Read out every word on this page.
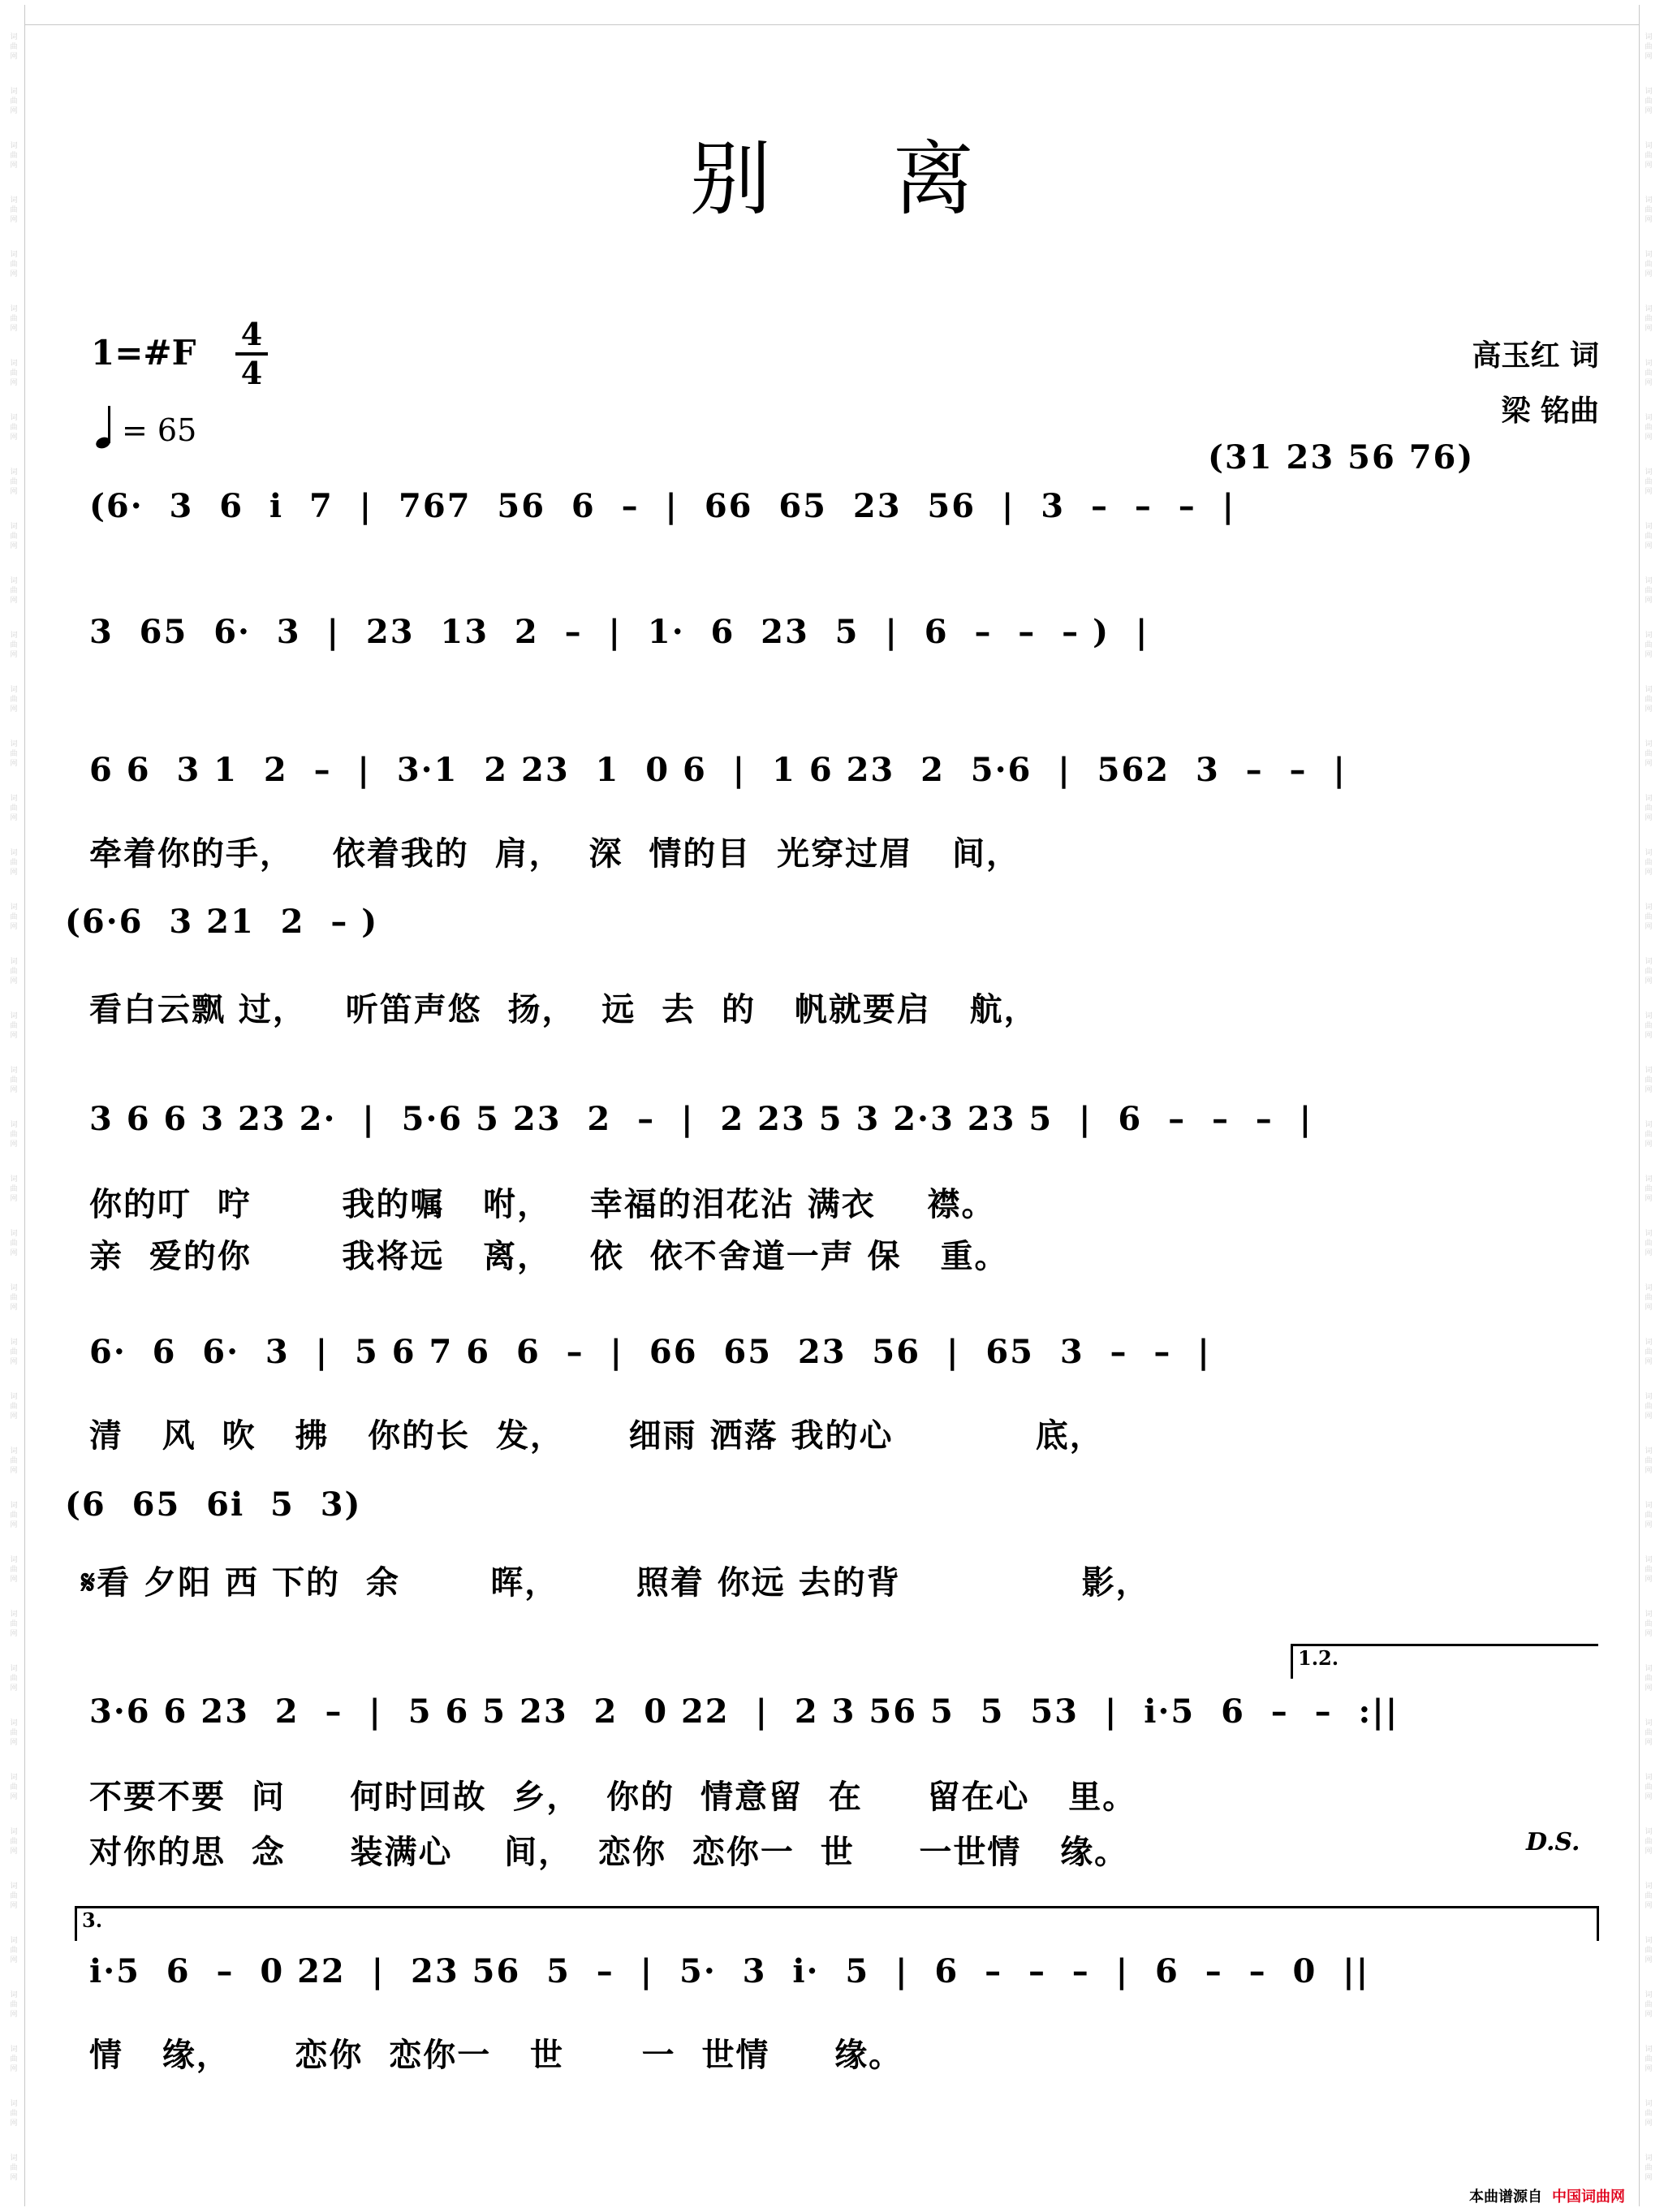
别离
1=#F 4
4
= 65
高玉红 词
梁 铭曲
(31 23 56 76)
(6·  3  6  i  7  |  767  56  6  –  |  66  65  23  56  |  3  –  –  –  |
3  65  6·  3  |  23  13  2  –  |  1·  6  23  5  |  6  –  –  – )  |
6 6  3 1  2  –  |  3·1  2 23  1  0 6  |  1 6 23  2  5·6  |  562  3  –  –  |
牵着你的手，   依着我的  肩，  深  情的目  光穿过眉   间，
(6·6  3 21  2  – )
看白云飘 过，   听笛声悠  扬，  远  去  的   帆就要启   航，
3 6 6 3 23 2·  |  5·6 5 23  2  –  |  2 23 5 3 2·3 23 5  |  6  –  –  –  |
你的叮  咛       我的嘱   咐，   幸福的泪花沾 满衣    襟。
亲  爱的你       我将远   离，   依  依不舍道一声 保   重。
6·  6  6·  3  |  5 6 7 6  6  –  |  66  65  23  56  |  65  3  –  –  |
清   风  吹   拂   你的长  发，     细雨 洒落 我的心           底，
(6  65  6i  5  3)
𝄋看 夕阳 西 下的  余       晖，      照着 你远 去的背              影，
1.2.
3·6 6 23  2  –  |  5 6 5 23  2  0 22  |  2 3 56 5  5  53  |  i·5  6  –  –  :||
不要不要  问     何时回故  乡，  你的  情意留  在     留在心   里。
对你的思  念     装满心    间，  恋你  恋你一  世     一世情   缘。	D.S.
3.
i·5  6  –  0 22  |  23 56  5  –  |  5·  3  i·  5  |  6  –  –  –  |  6  –  –  0  ||
情   缘，     恋你  恋你一   世      一  世情     缘。
本曲谱源自 中国词曲网
词曲网
词曲网
词曲网
词曲网
词曲网
词曲网
词曲网
词曲网
词曲网
词曲网
词曲网
词曲网
词曲网
词曲网
词曲网
词曲网
词曲网
词曲网
词曲网
词曲网
词曲网
词曲网
词曲网
词曲网
词曲网
词曲网
词曲网
词曲网
词曲网
词曲网
词曲网
词曲网
词曲网
词曲网
词曲网
词曲网
词曲网
词曲网
词曲网
词曲网
词曲网
词曲网
词曲网
词曲网
词曲网
词曲网
词曲网
词曲网
词曲网
词曲网
词曲网
词曲网
词曲网
词曲网
词曲网
词曲网
词曲网
词曲网
词曲网
词曲网
词曲网
词曲网
词曲网
词曲网
词曲网
词曲网
词曲网
词曲网
词曲网
词曲网
词曲网
词曲网
词曲网
词曲网
词曲网
词曲网
词曲网
词曲网
词曲网
词曲网
